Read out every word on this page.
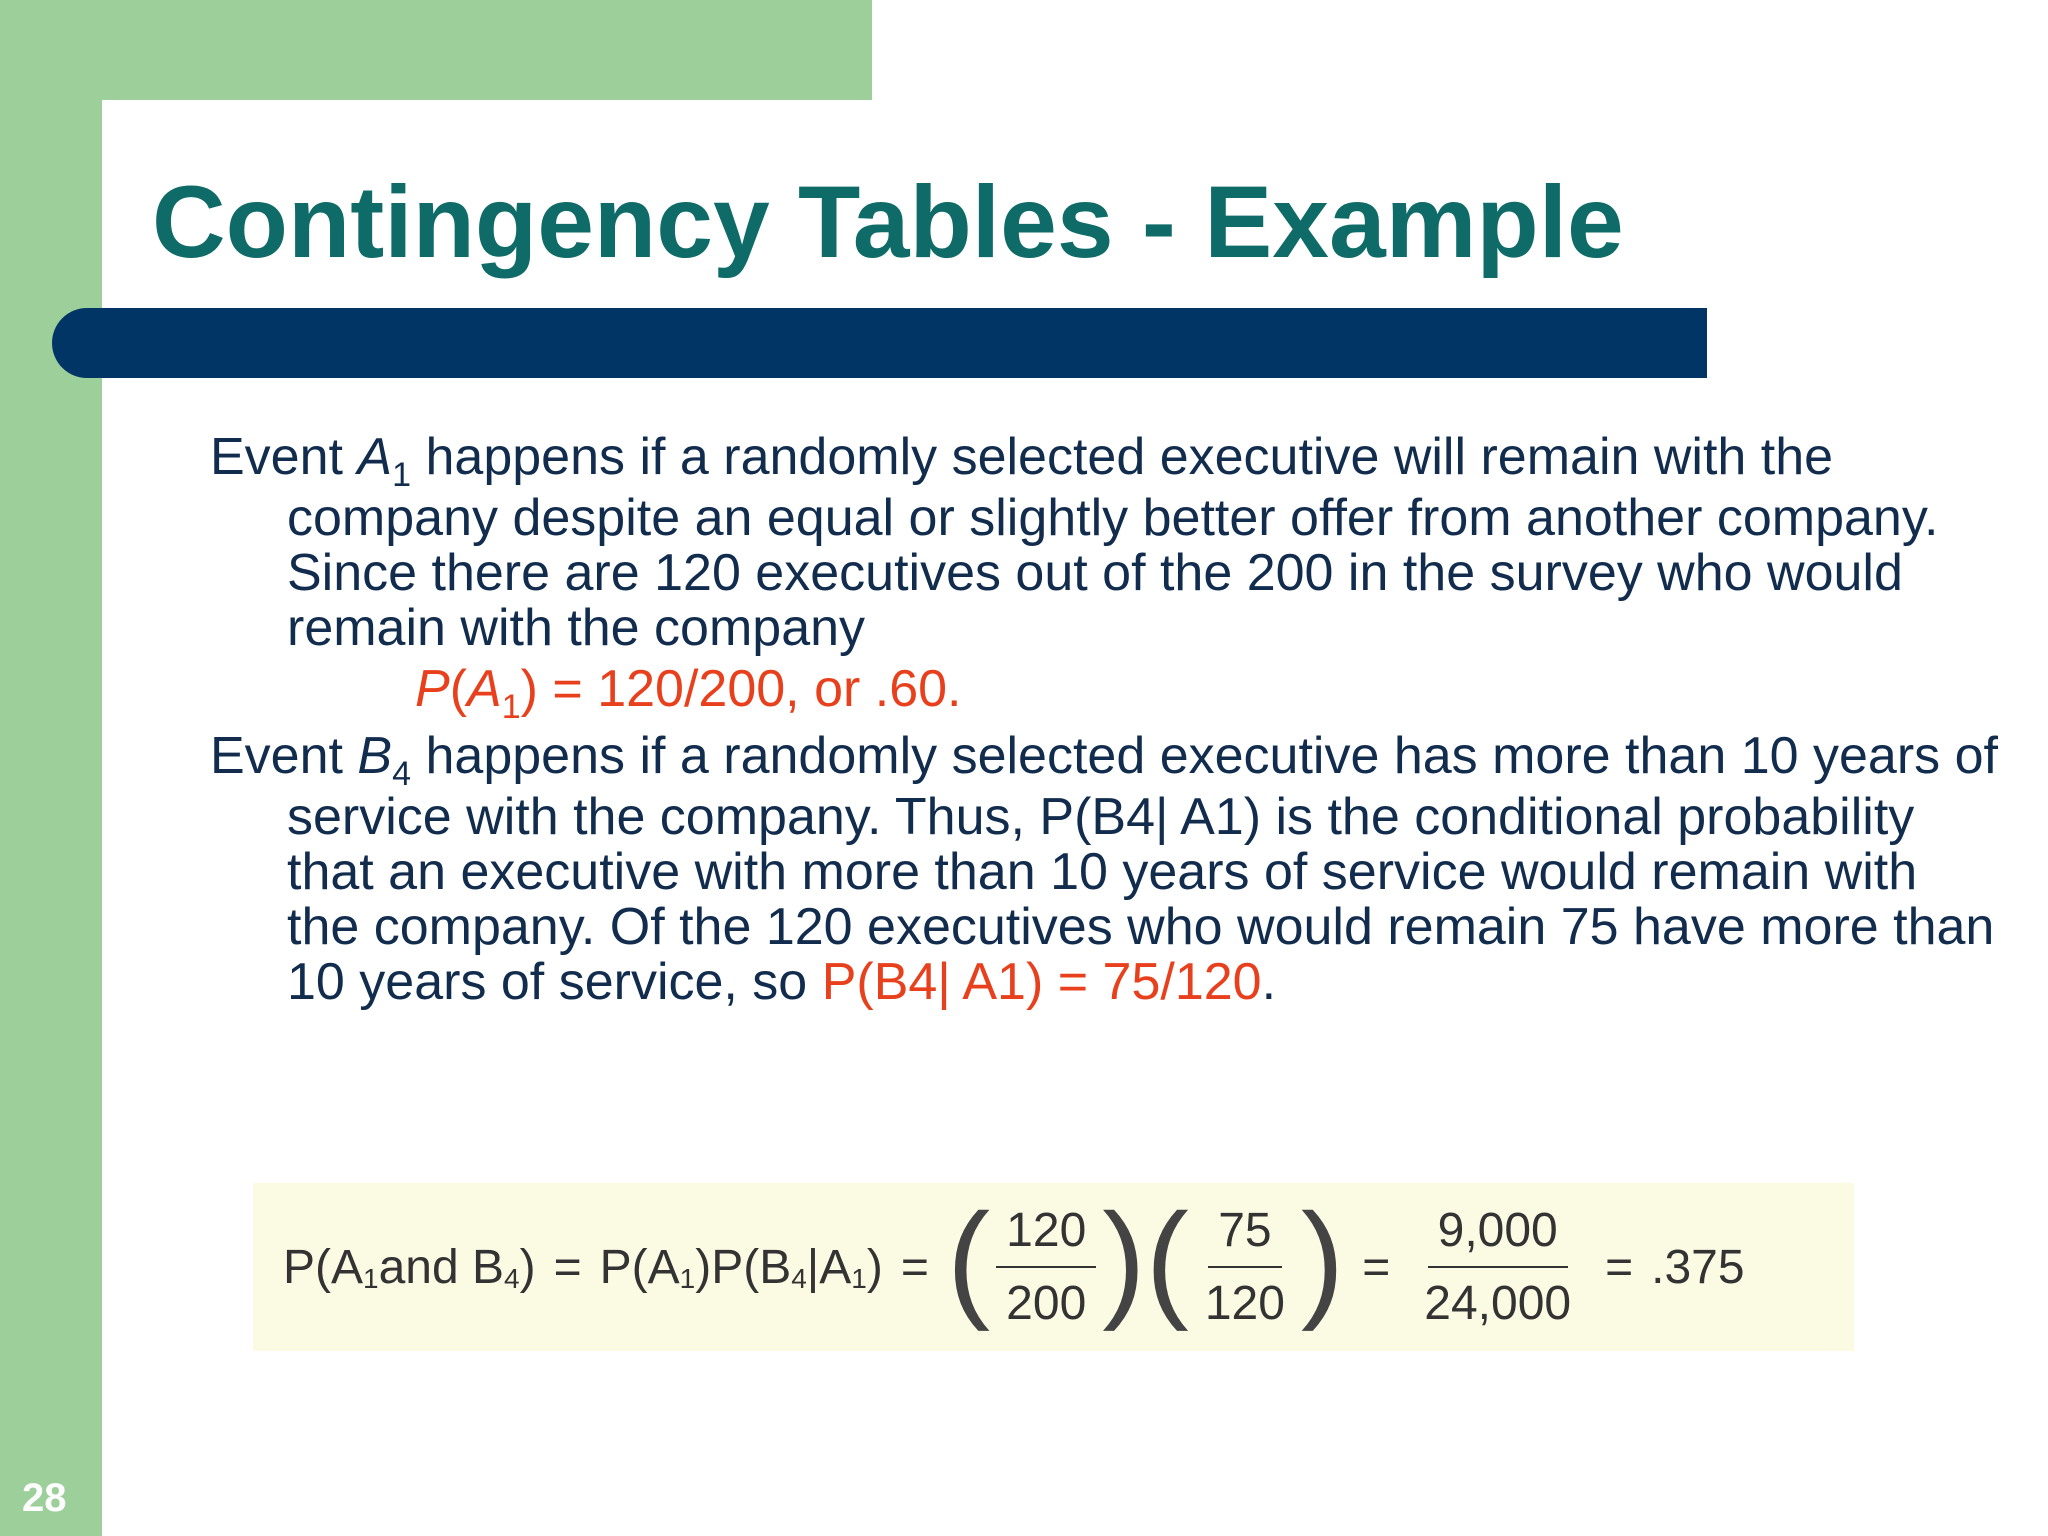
Contingency Tables - Example

Event $A_1$ happens if a randomly selected executive will remain with the company despite an equal or slightly better offer from another company. Since there are 120 executives out of the 200 in the survey who would remain with the company

$P(A_1) = 120/200$, or .60.

Event $B_4$ happens if a randomly selected executive has more than 10 years of service with the company. Thus, P(B4| A1) is the conditional probability that an executive with more than 10 years of service would remain with the company. Of the 120 executives who would remain 75 have more than 10 years of service, so P(B4| A1) = 75/120.

P(A 1 and B 4 ) = P(A 1 )P(B 4 |A 1 ) = ( $\frac{120}{200}$ ) ( $\frac{75}{120}$ ) = $\frac{9,000}{24,000} = .375$
28
